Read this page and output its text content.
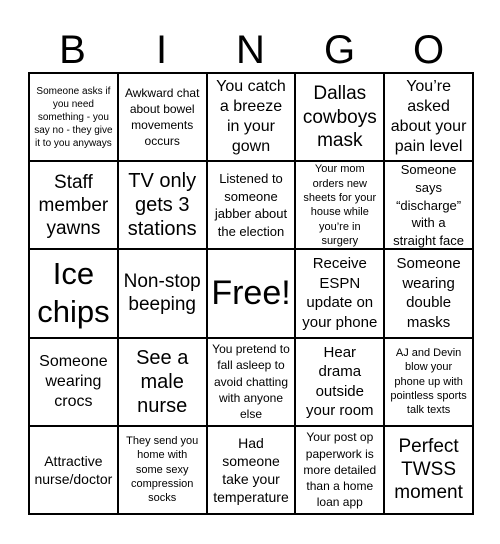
B	I	N	G	O
Someone asks if you need something - you say no - they give it to you anyways
Awkward chat about bowel movements occurs
You catch a breeze in your gown
Dallas cowboys mask
You’re asked about your pain level
Staff member yawns
TV only gets 3 stations
Listened to someone jabber about the election
Your mom orders new sheets for your house while you’re in surgery
Someone says “discharge” with a straight face
Ice chips
Non-stop beeping Free!
Receive ESPN update on your phone
Someone wearing double masks
Someone wearing crocs
See a male nurse
You pretend to fall asleep to avoid chatting with anyone else
Hear drama outside your room
AJ and Devin blow your phone up with pointless sports talk texts
Attractive nurse/doctor
They send you home with some sexy compression socks
Had someone take your temperature
Your post op paperwork is more detailed than a home loan app
Perfect TWSS moment
